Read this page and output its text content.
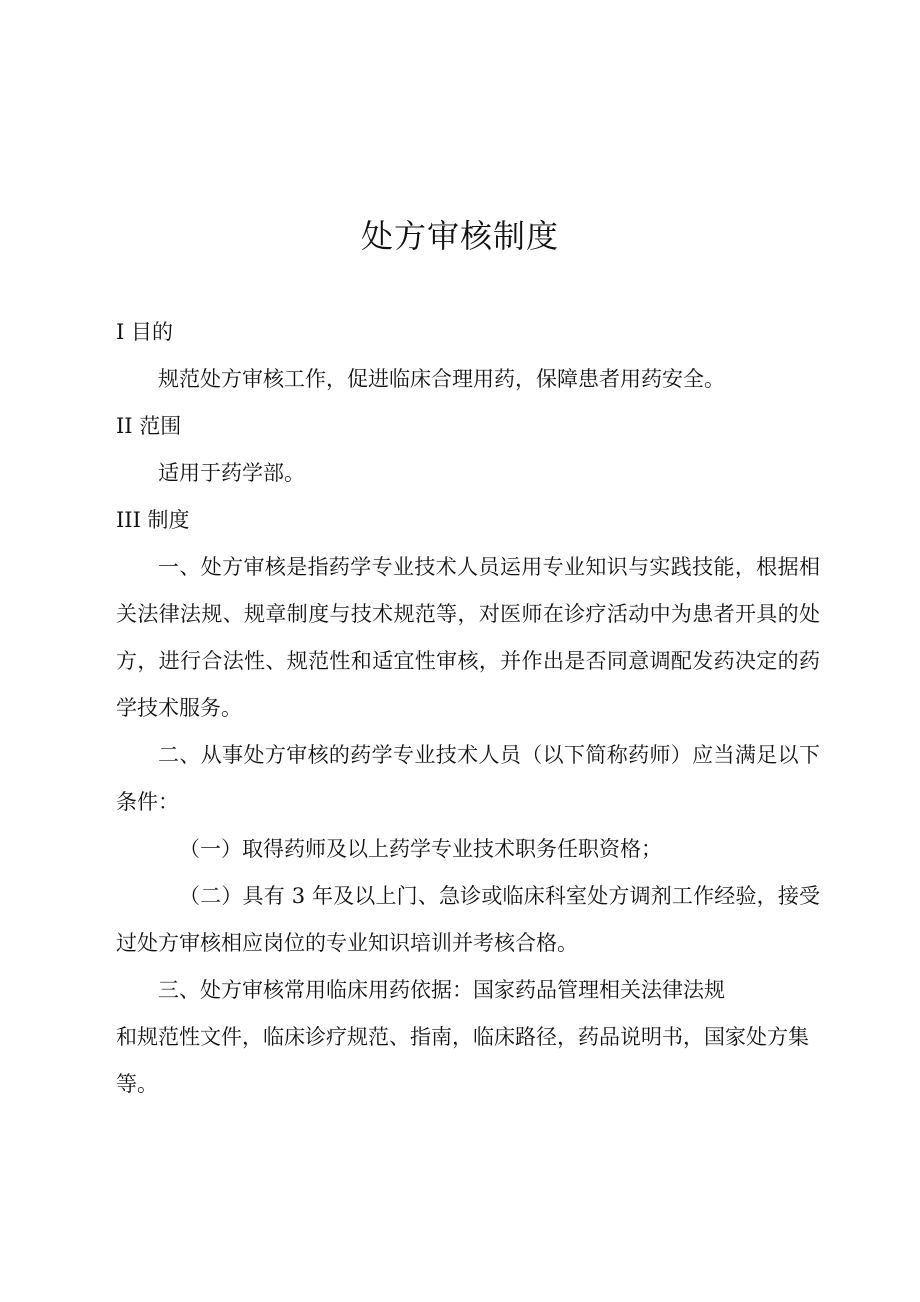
处方审核制度

I 目的

规范处方审核工作，促进临床合理用药，保障患者用药安全。

II 范围

适用于药学部。

III 制度

一、处方审核是指药学专业技术人员运用专业知识与实践技能，根据相关法律法规、规章制度与技术规范等，对医师在诊疗活动中为患者开具的处方，进行合法性、规范性和适宜性审核，并作出是否同意调配发药决定的药学技术服务。

二、从事处方审核的药学专业技术人员（以下简称药师）应当满足以下条件：

（一）取得药师及以上药学专业技术职务任职资格；

（二）具有 3 年及以上门、急诊或临床科室处方调剂工作经验，接受过处方审核相应岗位的专业知识培训并考核合格。

三、处方审核常用临床用药依据：国家药品管理相关法律法规
和规范性文件，临床诊疗规范、指南，临床路径，药品说明书，国家处方集等。
